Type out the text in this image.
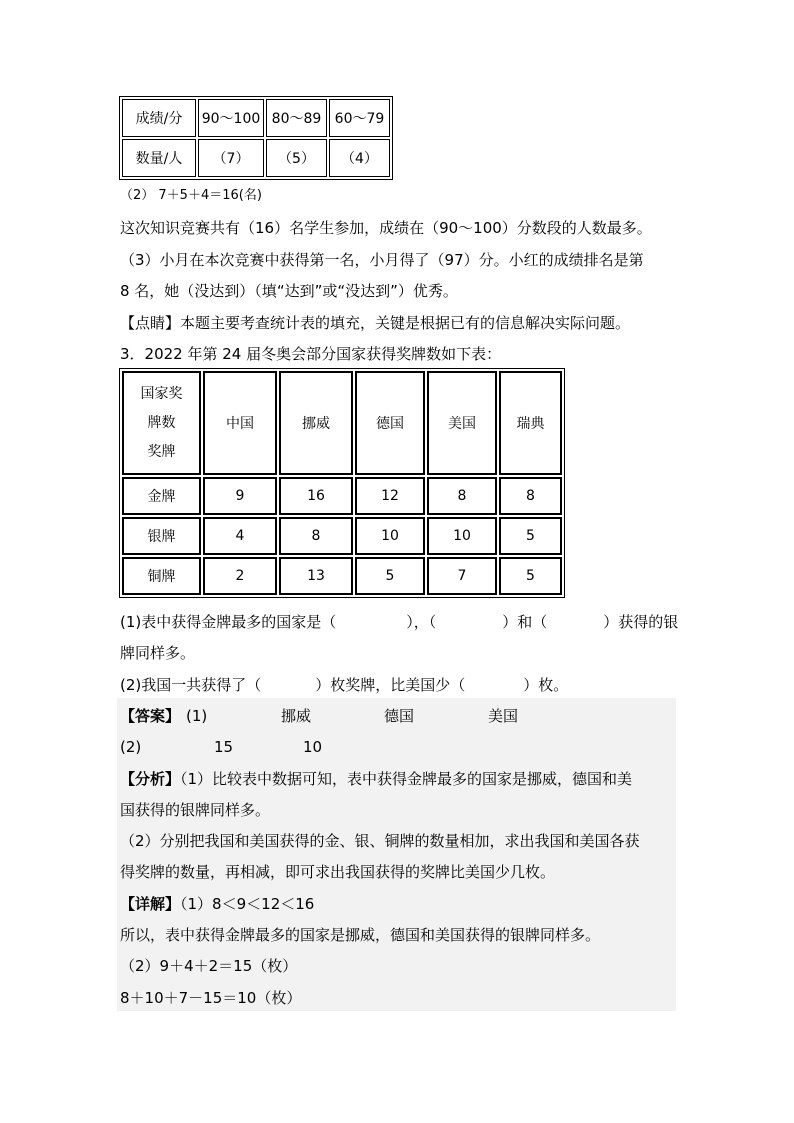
成绩/分	90～100	80～89	60～79
数量/人	（7）	（5）	（4）
（2） 7＋5＋4＝16(名)
这次知识竞赛共有（16）名学生参加，成绩在（90～100）分数段的人数最多。
（3）小月在本次竞赛中获得第一名，小月得了（97）分。小红的成绩排名是第
8 名，她（没达到）（填“达到”或“没达到”）优秀。
【点睛】本题主要考查统计表的填充，关键是根据已有的信息解决实际问题。
3．2022 年第 24 届冬奥会部分国家获得奖牌数如下表：
国家奖
牌数
奖牌	中国	挪威	德国	美国	瑞典
金牌	9	16	12	8	8
银牌	4	8	10	10	5
铜牌	2	13	5	7	5
(1)表中获得金牌最多的国家是（	），（	）和（	）获得的银
牌同样多。
(2)我国一共获得了（	）枚奖牌，比美国少（	）枚。
【答案】 (1)	挪威	德国	美国
(2)	15	10
【分析】（1）比较表中数据可知，表中获得金牌最多的国家是挪威，德国和美
国获得的银牌同样多。
（2）分别把我国和美国获得的金、银、铜牌的数量相加，求出我国和美国各获
得奖牌的数量，再相减，即可求出我国获得的奖牌比美国少几枚。
【详解】（1）8＜9＜12＜16
所以，表中获得金牌最多的国家是挪威，德国和美国获得的银牌同样多。
（2）9＋4＋2＝15（枚）
8＋10＋7－15＝10（枚）
